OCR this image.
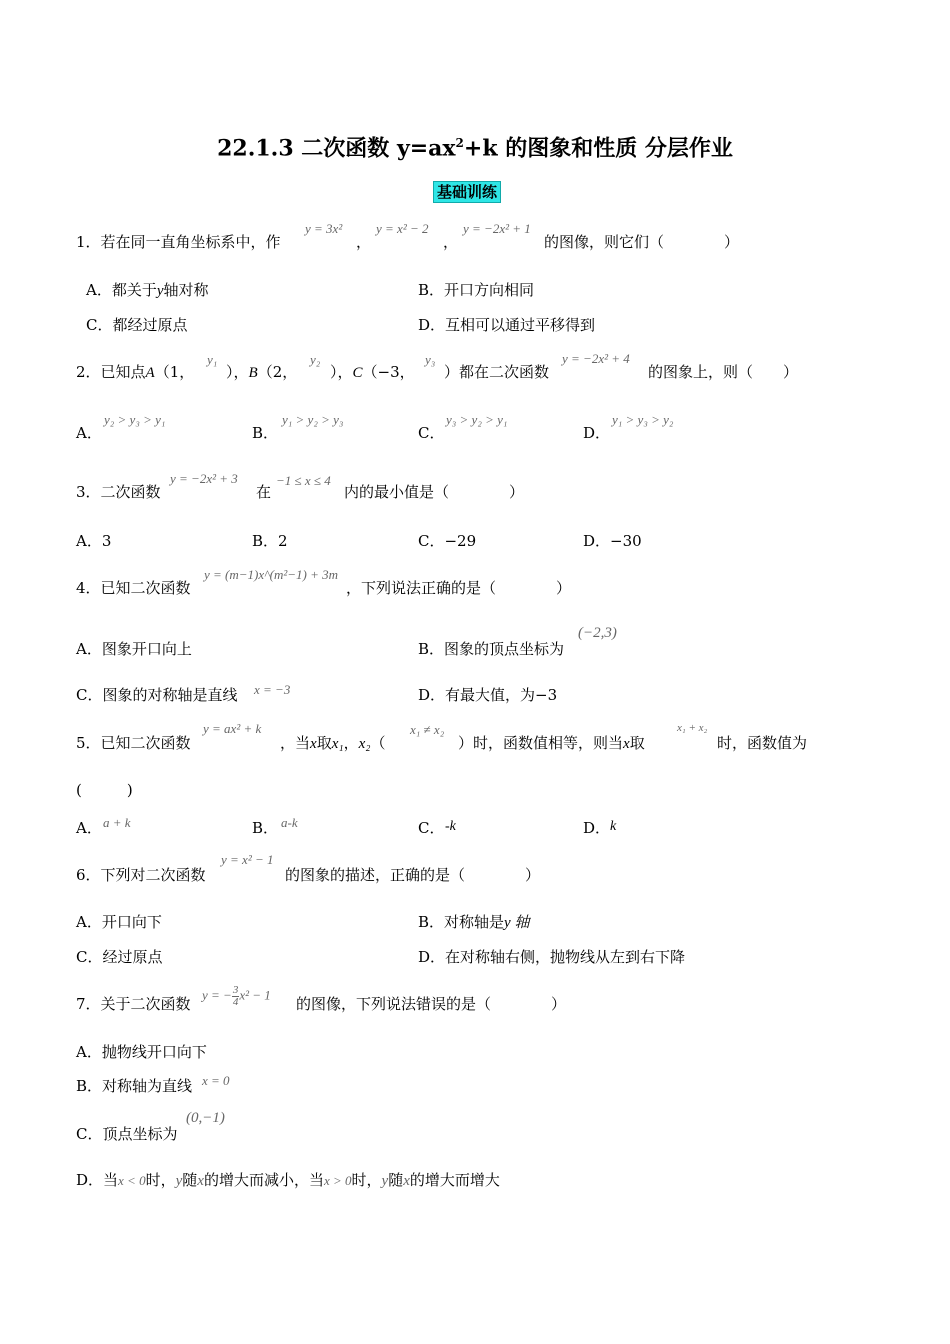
22.1.3 二次函数 $y=ax^2+k$ 的图象和性质 分层作业
基础训练
1．若在同一直角坐标系中，作
y = 3x²
，
y = x² − 2
，
y = −2x² + 1
的图像，则它们（　　　　）
A．都关于y轴对称	B．开口方向相同
C．都经过原点	D．互相可以通过平移得到
2．已知点A（1，
y₁
），B（2，
y₂
），C（−3，
y₃
）都在二次函数
y = −2x² + 4
的图象上，则（　　）
A．
y₂ > y₃ > y₁
B．
y₁ > y₂ > y₃
C．
y₃ > y₂ > y₁
D．
y₁ > y₃ > y₂
3．二次函数
y = −2x² + 3
在
−1 ≤ x ≤ 4
内的最小值是（　　　　）
A．3	B．2	C．−29	D．−30
4．已知二次函数
y = (m−1)x^(m²−1) + 3m
，下列说法正确的是（　　　　）
A．图象开口向上	B．图象的顶点坐标为
(−2,3)
C．图象的对称轴是直线 x = −3	D．有最大值，为−3
5．已知二次函数
y = ax² + k
，当x取x₁，x₂（
x₁ ≠ x₂
）时，函数值相等，则当x取
x₁ + x₂
时，函数值为
(　　　)
A． a + k	B． a-k	C． -k	D． k
6．下列对二次函数
y = x² − 1
的图象的描述，正确的是（　　　　）
A．开口向下	B．对称轴是y 轴
C．经过原点	D．在对称轴右侧，抛物线从左到右下降
7．关于二次函数
y = − $\frac{3}{4} x^2 - 1$
的图像，下列说法错误的是（　　　　）
A．抛物线开口向下
B．对称轴为直线 x = 0
C．顶点坐标为
(0,−1)
D．当x < 0时，y随x的增大而减小，当x > 0时，y随x的增大而增大
